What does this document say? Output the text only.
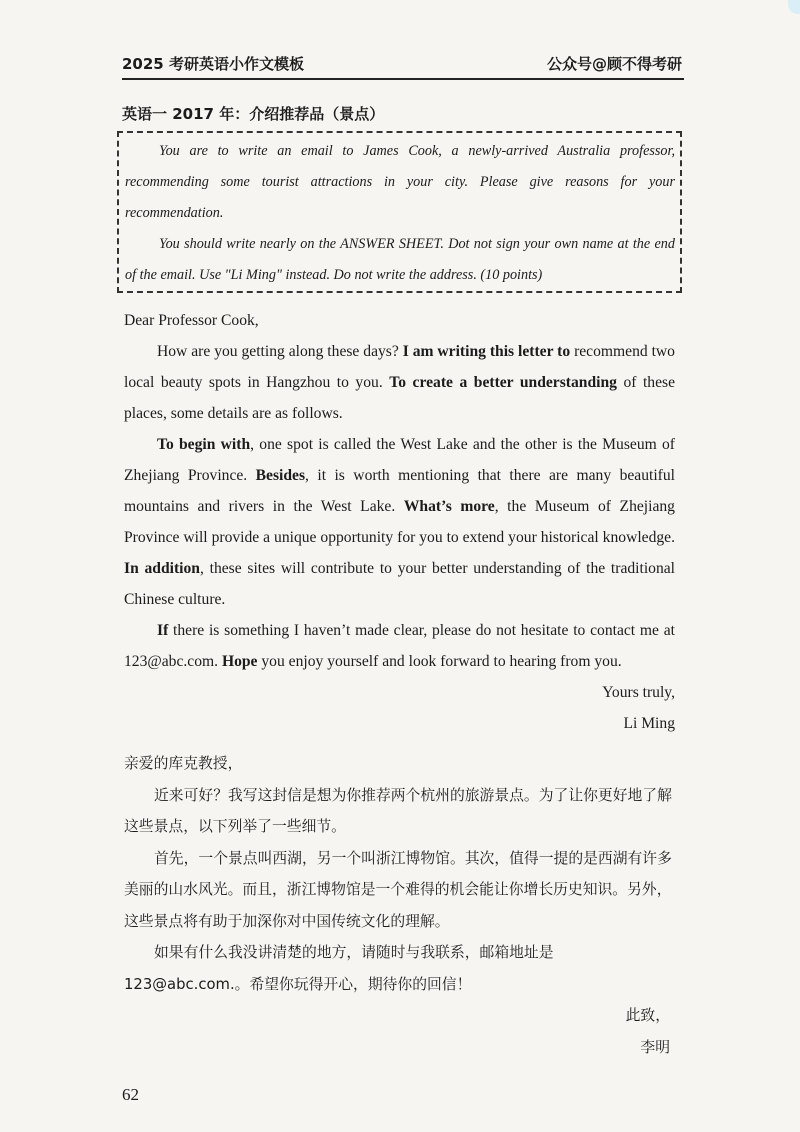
2025 考研英语小作文模板	公众号@顾不得考研
英语一 2017 年：介绍推荐品（景点）

You are to write an email to James Cook, a newly-arrived Australia professor, recommending some tourist attractions in your city. Please give reasons for your recommendation.

You should write nearly on the ANSWER SHEET. Dot not sign your own name at the end of the email. Use "Li Ming" instead. Do not write the address. (10 points)

Dear Professor Cook,

How are you getting along these days? I am writing this letter to recommend two local beauty spots in Hangzhou to you. To create a better understanding of these places, some details are as follows.

To begin with, one spot is called the West Lake and the other is the Museum of Zhejiang Province. Besides, it is worth mentioning that there are many beautiful mountains and rivers in the West Lake. What’s more, the Museum of Zhejiang Province will provide a unique opportunity for you to extend your historical knowledge. In addition, these sites will contribute to your better understanding of the traditional Chinese culture.

If there is something I haven’t made clear, please do not hesitate to contact me at 123@abc.com. Hope you enjoy yourself and look forward to hearing from you.

Yours truly,

Li Ming

亲爱的库克教授，

近来可好？我写这封信是想为你推荐两个杭州的旅游景点。为了让你更好地了解这些景点，以下列举了一些细节。

首先，一个景点叫西湖，另一个叫浙江博物馆。其次，值得一提的是西湖有许多美丽的山水风光。而且，浙江博物馆是一个难得的机会能让你增长历史知识。另外，这些景点将有助于加深你对中国传统文化的理解。

如果有什么我没讲清楚的地方，请随时与我联系，邮箱地址是 123@abc.com.。希望你玩得开心，期待你的回信！

此致，

李明

62
